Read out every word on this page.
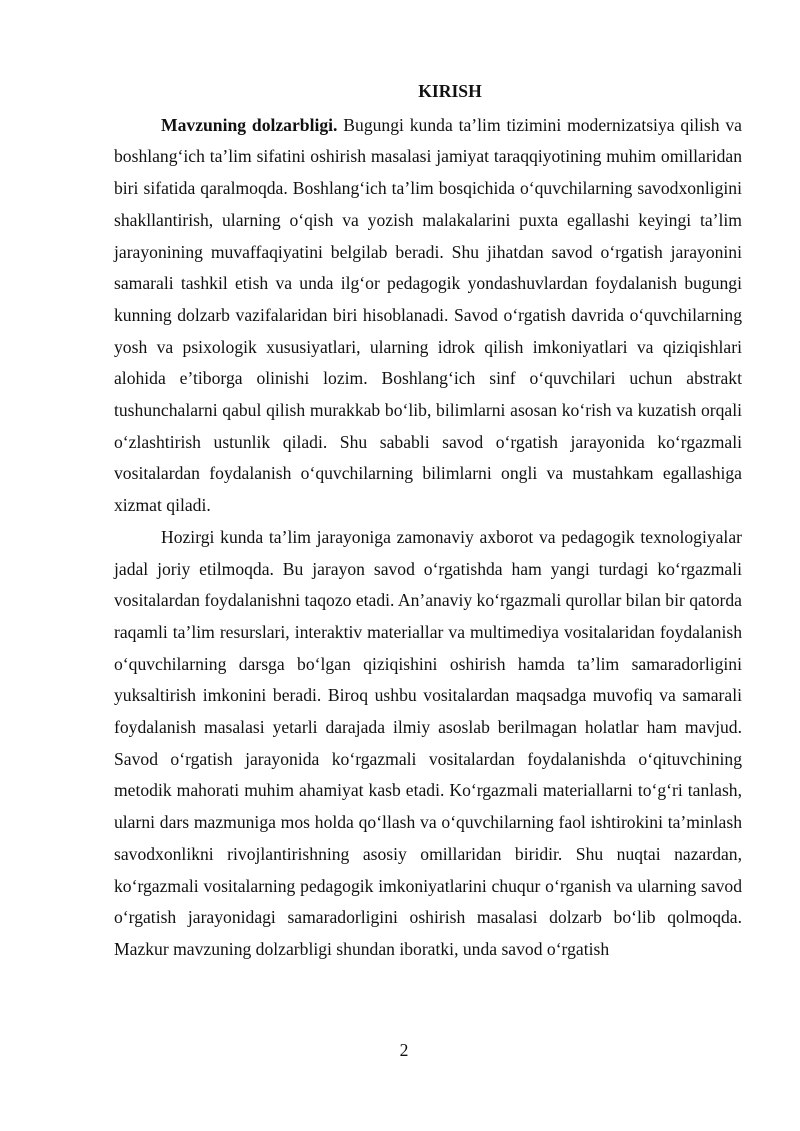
KIRISH

Mavzuning dolzarbligi. Bugungi kunda ta’lim tizimini modernizatsiya qilish va boshlang‘ich ta’lim sifatini oshirish masalasi jamiyat taraqqiyotining muhim omillaridan biri sifatida qaralmoqda. Boshlang‘ich ta’lim bosqichida o‘quvchilarning savodxonligini shakllantirish, ularning o‘qish va yozish malakalarini puxta egallashi keyingi ta’lim jarayonining muvaffaqiyatini belgilab beradi. Shu jihatdan savod o‘rgatish jarayonini samarali tashkil etish va unda ilg‘or pedagogik yondashuvlardan foydalanish bugungi kunning dolzarb vazifalaridan biri hisoblanadi. Savod o‘rgatish davrida o‘quvchilarning yosh va psixologik xususiyatlari, ularning idrok qilish imkoniyatlari va qiziqishlari alohida e’tiborga olinishi lozim. Boshlang‘ich sinf o‘quvchilari uchun abstrakt tushunchalarni qabul qilish murakkab bo‘lib, bilimlarni asosan ko‘rish va kuzatish orqali o‘zlashtirish ustunlik qiladi. Shu sababli savod o‘rgatish jarayonida ko‘rgazmali vositalardan foydalanish o‘quvchilarning bilimlarni ongli va mustahkam egallashiga xizmat qiladi.

Hozirgi kunda ta’lim jarayoniga zamonaviy axborot va pedagogik texnologiyalar jadal joriy etilmoqda. Bu jarayon savod o‘rgatishda ham yangi turdagi ko‘rgazmali vositalardan foydalanishni taqozo etadi. An’anaviy ko‘rgazmali qurollar bilan bir qatorda raqamli ta’lim resurslari, interaktiv materiallar va multimediya vositalaridan foydalanish o‘quvchilarning darsga bo‘lgan qiziqishini oshirish hamda ta’lim samaradorligini yuksaltirish imkonini beradi. Biroq ushbu vositalardan maqsadga muvofiq va samarali foydalanish masalasi yetarli darajada ilmiy asoslab berilmagan holatlar ham mavjud. Savod o‘rgatish jarayonida ko‘rgazmali vositalardan foydalanishda o‘qituvchining metodik mahorati muhim ahamiyat kasb etadi. Ko‘rgazmali materiallarni to‘g‘ri tanlash, ularni dars mazmuniga mos holda qo‘llash va o‘quvchilarning faol ishtirokini ta’minlash savodxonlikni rivojlantirishning asosiy omillaridan biridir. Shu nuqtai nazardan, ko‘rgazmali vositalarning pedagogik imkoniyatlarini chuqur o‘rganish va ularning savod o‘rgatish jarayonidagi samaradorligini oshirish masalasi dolzarb bo‘lib qolmoqda. Mazkur mavzuning dolzarbligi shundan iboratki, unda savod o‘rgatish

2
